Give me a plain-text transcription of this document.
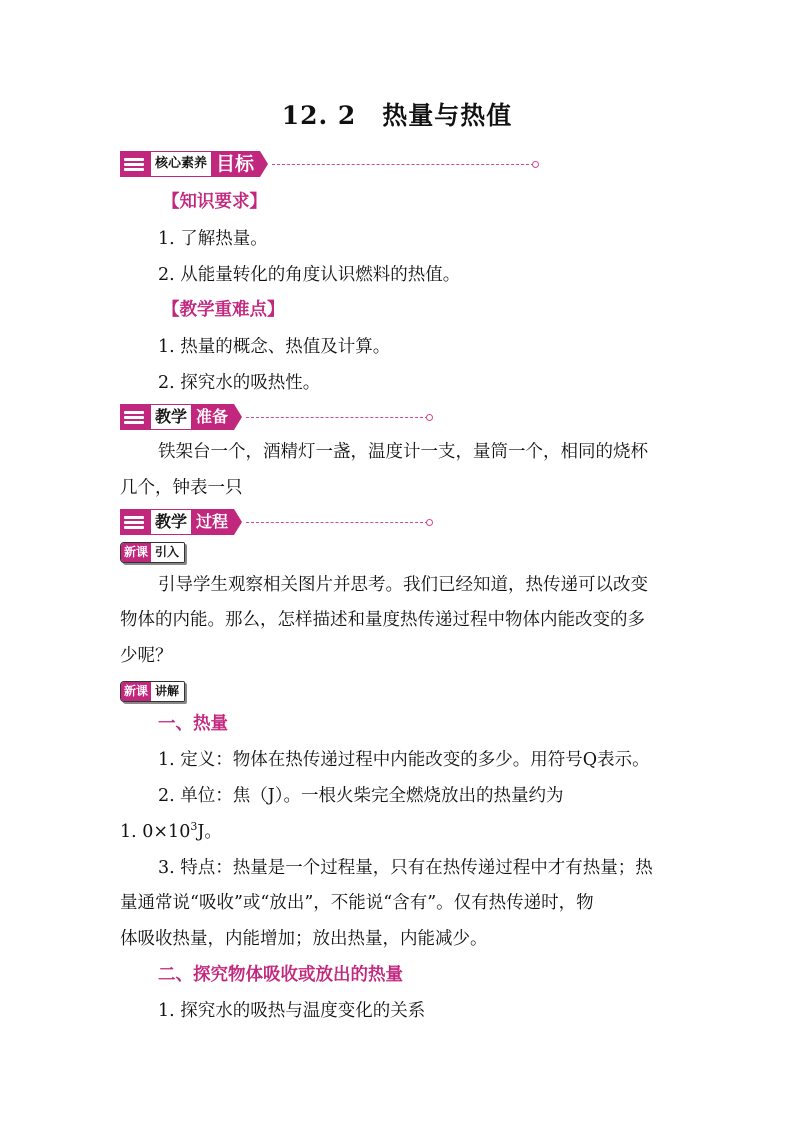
12. 2　热量与热值
核心素养 目标
【知识要求】
1. 了解热量。
2. 从能量转化的角度认识燃料的热值。
【教学重难点】
1. 热量的概念、热值及计算。
2. 探究水的吸热性。
教学 准备
铁架台一个，酒精灯一盏，温度计一支，量筒一个，相同的烧杯
几个，钟表一只
教学 过程
新课 引入
引导学生观察相关图片并思考。我们已经知道，热传递可以改变
物体的内能。那么，怎样描述和量度热传递过程中物体内能改变的多
少呢？
新课 讲解
一、热量
1. 定义：物体在热传递过程中内能改变的多少。用符号Q表示。
2. 单位：焦（J）。一根火柴完全燃烧放出的热量约为
1. $0\times 10^3J$。
3. 特点：热量是一个过程量，只有在热传递过程中才有热量；热
量通常说“吸收”或“放出”，不能说“含有”。仅有热传递时，物
体吸收热量，内能增加；放出热量，内能减少。
二、探究物体吸收或放出的热量
1. 探究水的吸热与温度变化的关系
